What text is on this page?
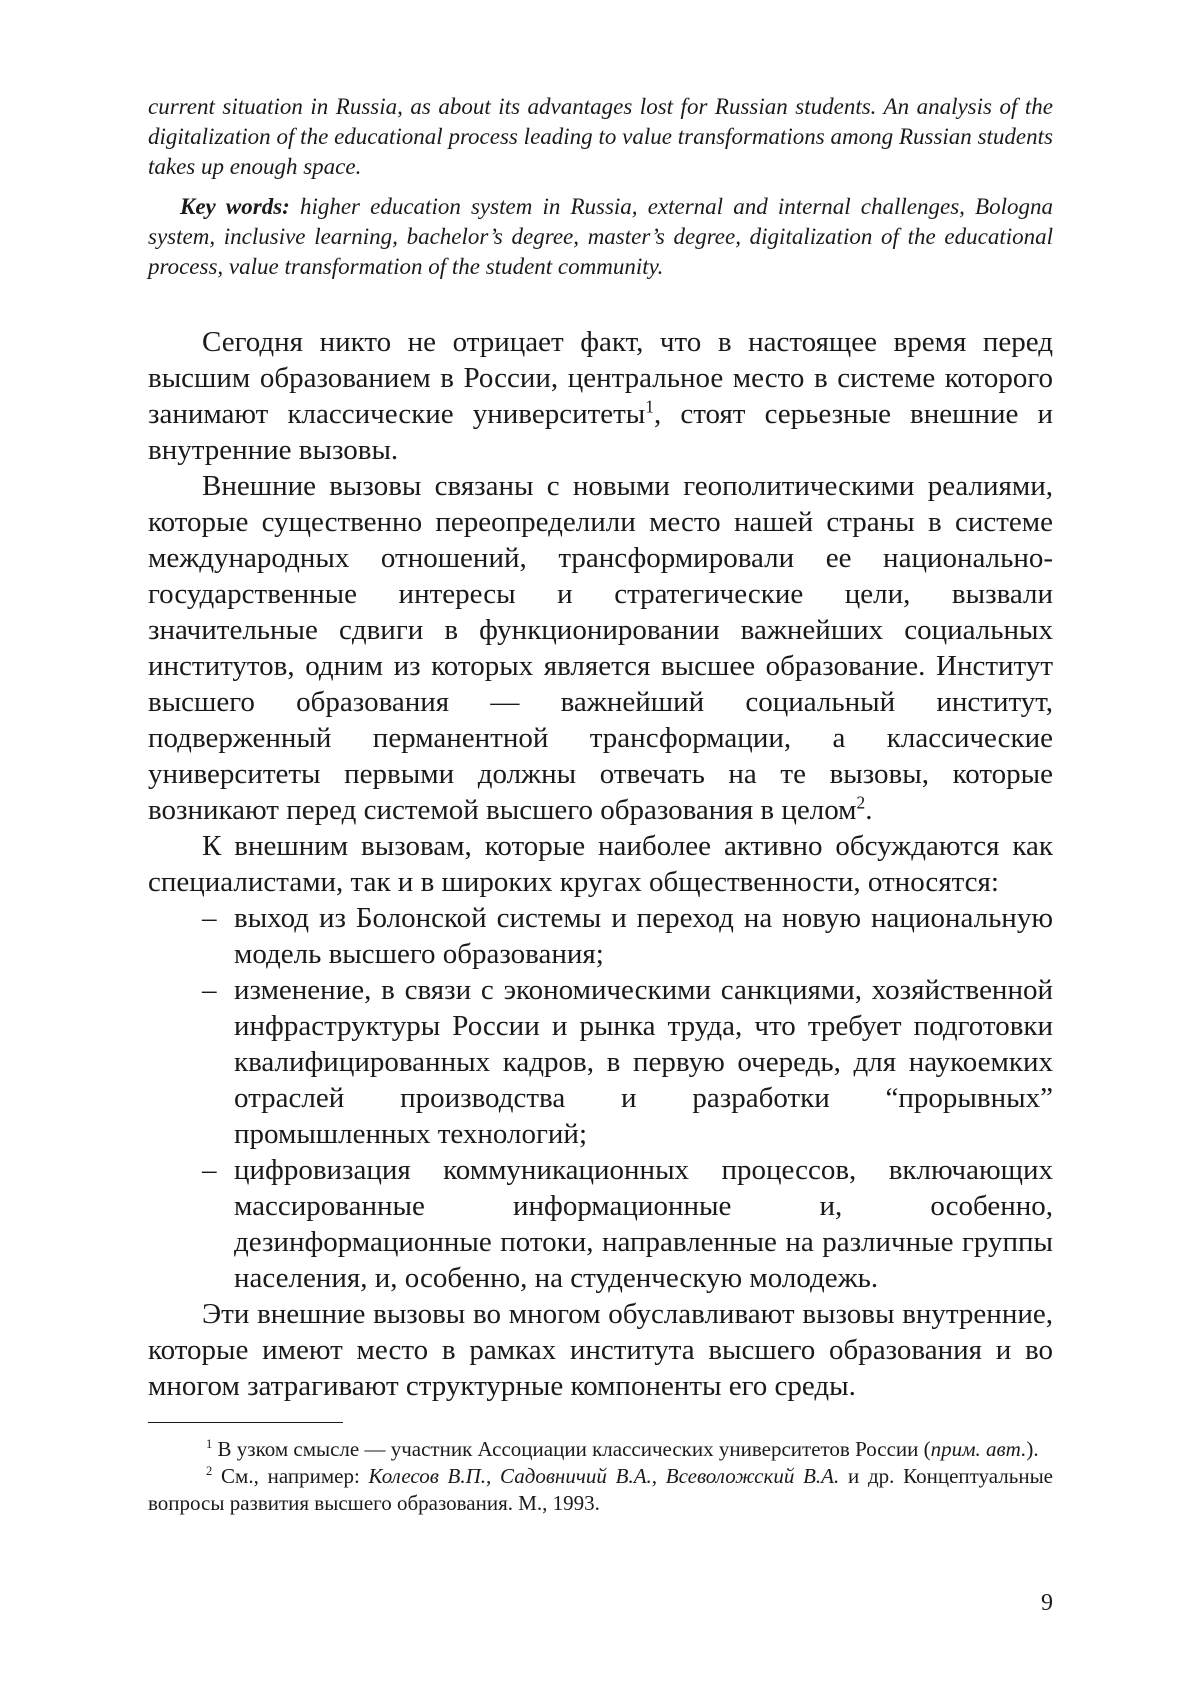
current situation in Russia, as about its advantages lost for Russian students. An analysis of the digitalization of the educational process leading to value transformations among Russian students takes up enough space.

Key words: higher education system in Russia, external and internal challenges, Bologna system, inclusive learning, bachelor’s degree, master’s degree, digitalization of the educational process, value transformation of the student community.

Сегодня никто не отрицает факт, что в настоящее время перед высшим образованием в России, центральное место в системе которого занимают классические университеты1, стоят серьезные внешние и внутренние вызовы.

Внешние вызовы связаны с новыми геополитическими реалиями, которые существенно переопределили место нашей страны в системе международных отношений, трансформировали ее национально-государственные интересы и стратегические цели, вызвали значительные сдвиги в функционировании важнейших социальных институтов, одним из которых является высшее образование. Институт высшего образования — важнейший социальный институт, подверженный перманентной трансформации, а классические университеты первыми должны отвечать на те вызовы, которые возникают перед системой высшего образования в целом2.

К внешним вызовам, которые наиболее активно обсуждаются как специалистами, так и в широких кругах общественности, относятся:

– выход из Болонской системы и переход на новую национальную модель высшего образования;
– изменение, в связи с экономическими санкциями, хозяйственной инфраструктуры России и рынка труда, что требует подготовки квалифицированных кадров, в первую очередь, для наукоемких отраслей производства и разработки “прорывных” промышленных технологий;
– цифровизация коммуникационных процессов, включающих массированные информационные и, особенно, дезинформационные потоки, направленные на различные группы населения, и, особенно, на студенческую молодежь.

Эти внешние вызовы во многом обуславливают вызовы внутренние, которые имеют место в рамках института высшего образования и во многом затрагивают структурные компоненты его среды.

1 В узком смысле — участник Ассоциации классических университетов России (прим. авт.).

2 См., например: Колесов В.П., Садовничий В.А., Всеволожский В.А. и др. Концептуальные вопросы развития высшего образования. М., 1993.

9
